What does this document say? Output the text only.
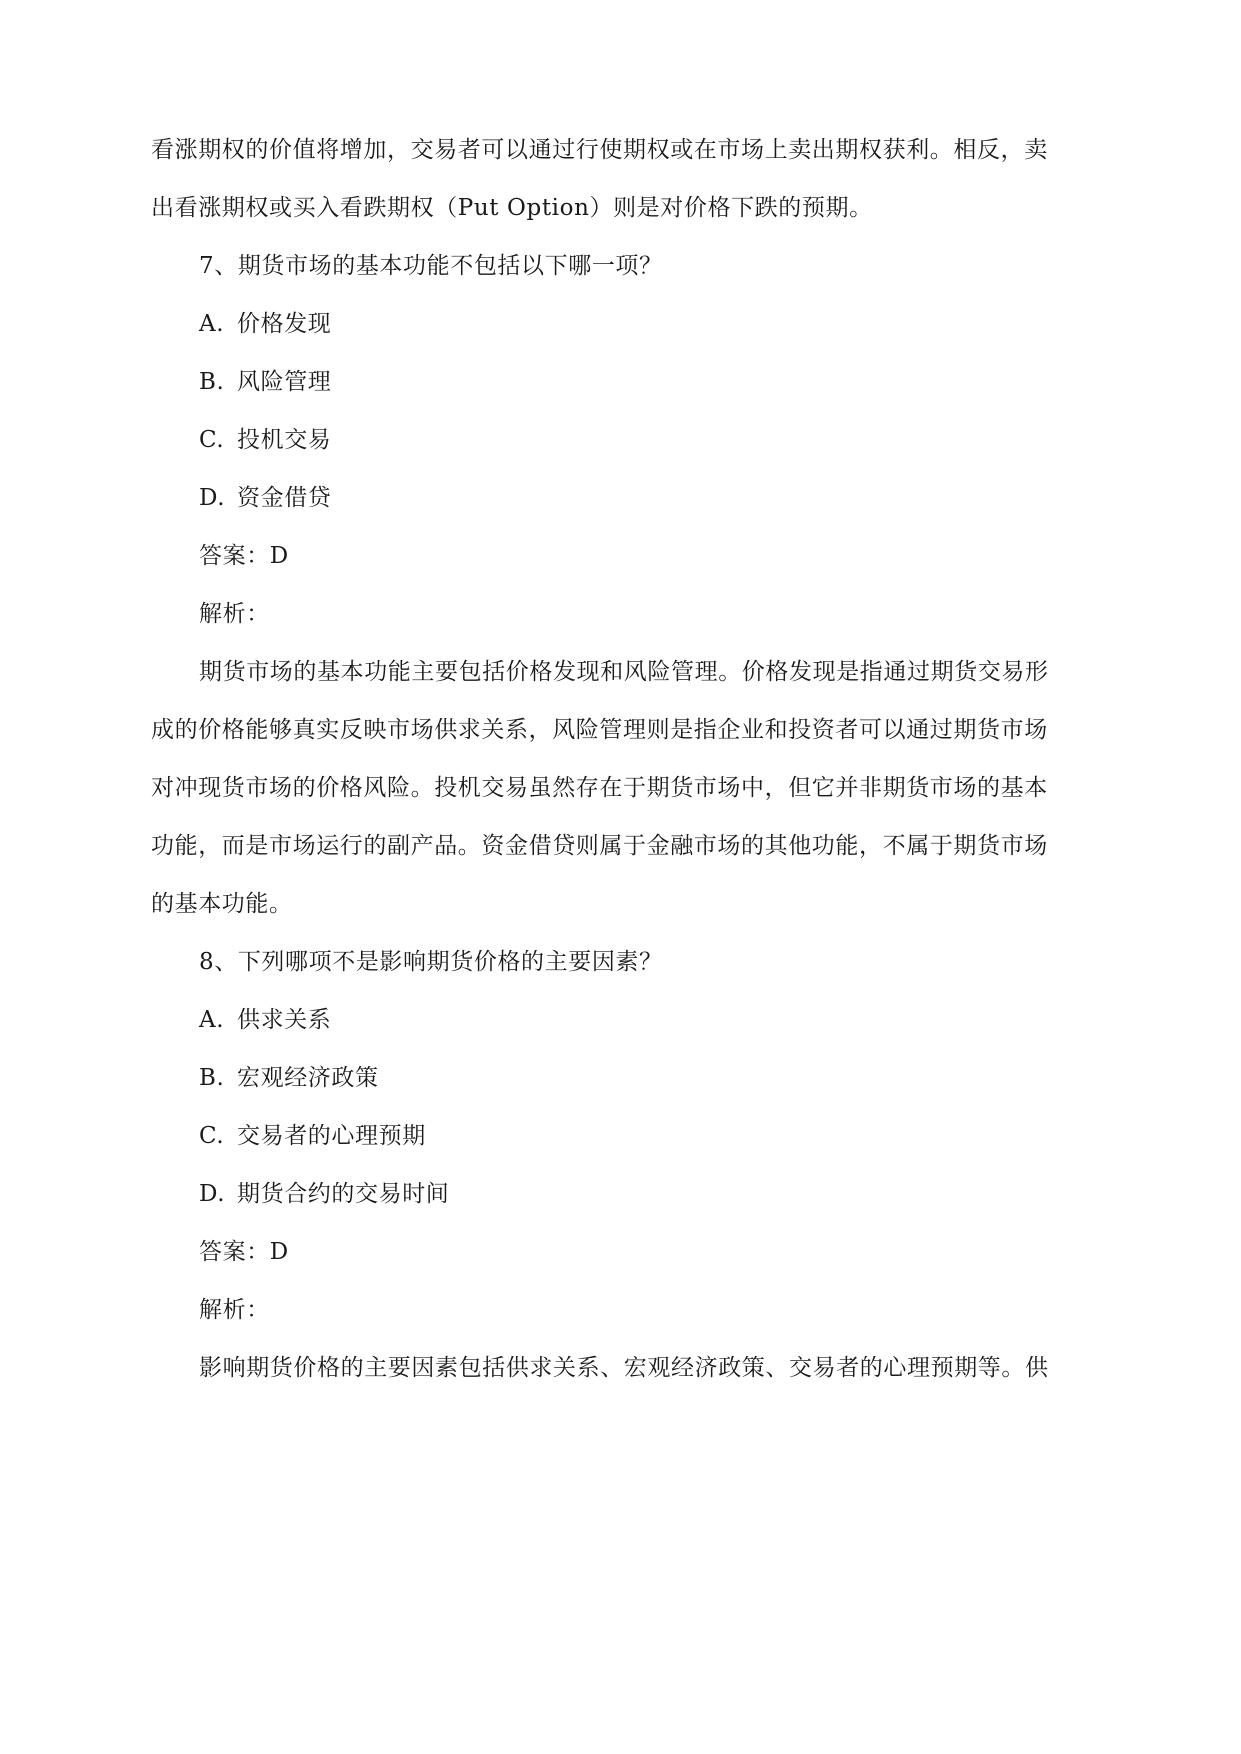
看涨期权的价值将增加，交易者可以通过行使期权或在市场上卖出期权获利。相反，卖
出看涨期权或买入看跌期权（Put Option）则是对价格下跌的预期。
7、期货市场的基本功能不包括以下哪一项？
A. 价格发现
B. 风险管理
C. 投机交易
D. 资金借贷
答案：D
解析：
期货市场的基本功能主要包括价格发现和风险管理。价格发现是指通过期货交易形
成的价格能够真实反映市场供求关系，风险管理则是指企业和投资者可以通过期货市场
对冲现货市场的价格风险。投机交易虽然存在于期货市场中，但它并非期货市场的基本
功能，而是市场运行的副产品。资金借贷则属于金融市场的其他功能，不属于期货市场
的基本功能。
8、下列哪项不是影响期货价格的主要因素？
A. 供求关系
B. 宏观经济政策
C. 交易者的心理预期
D. 期货合约的交易时间
答案：D
解析：
影响期货价格的主要因素包括供求关系、宏观经济政策、交易者的心理预期等。供
